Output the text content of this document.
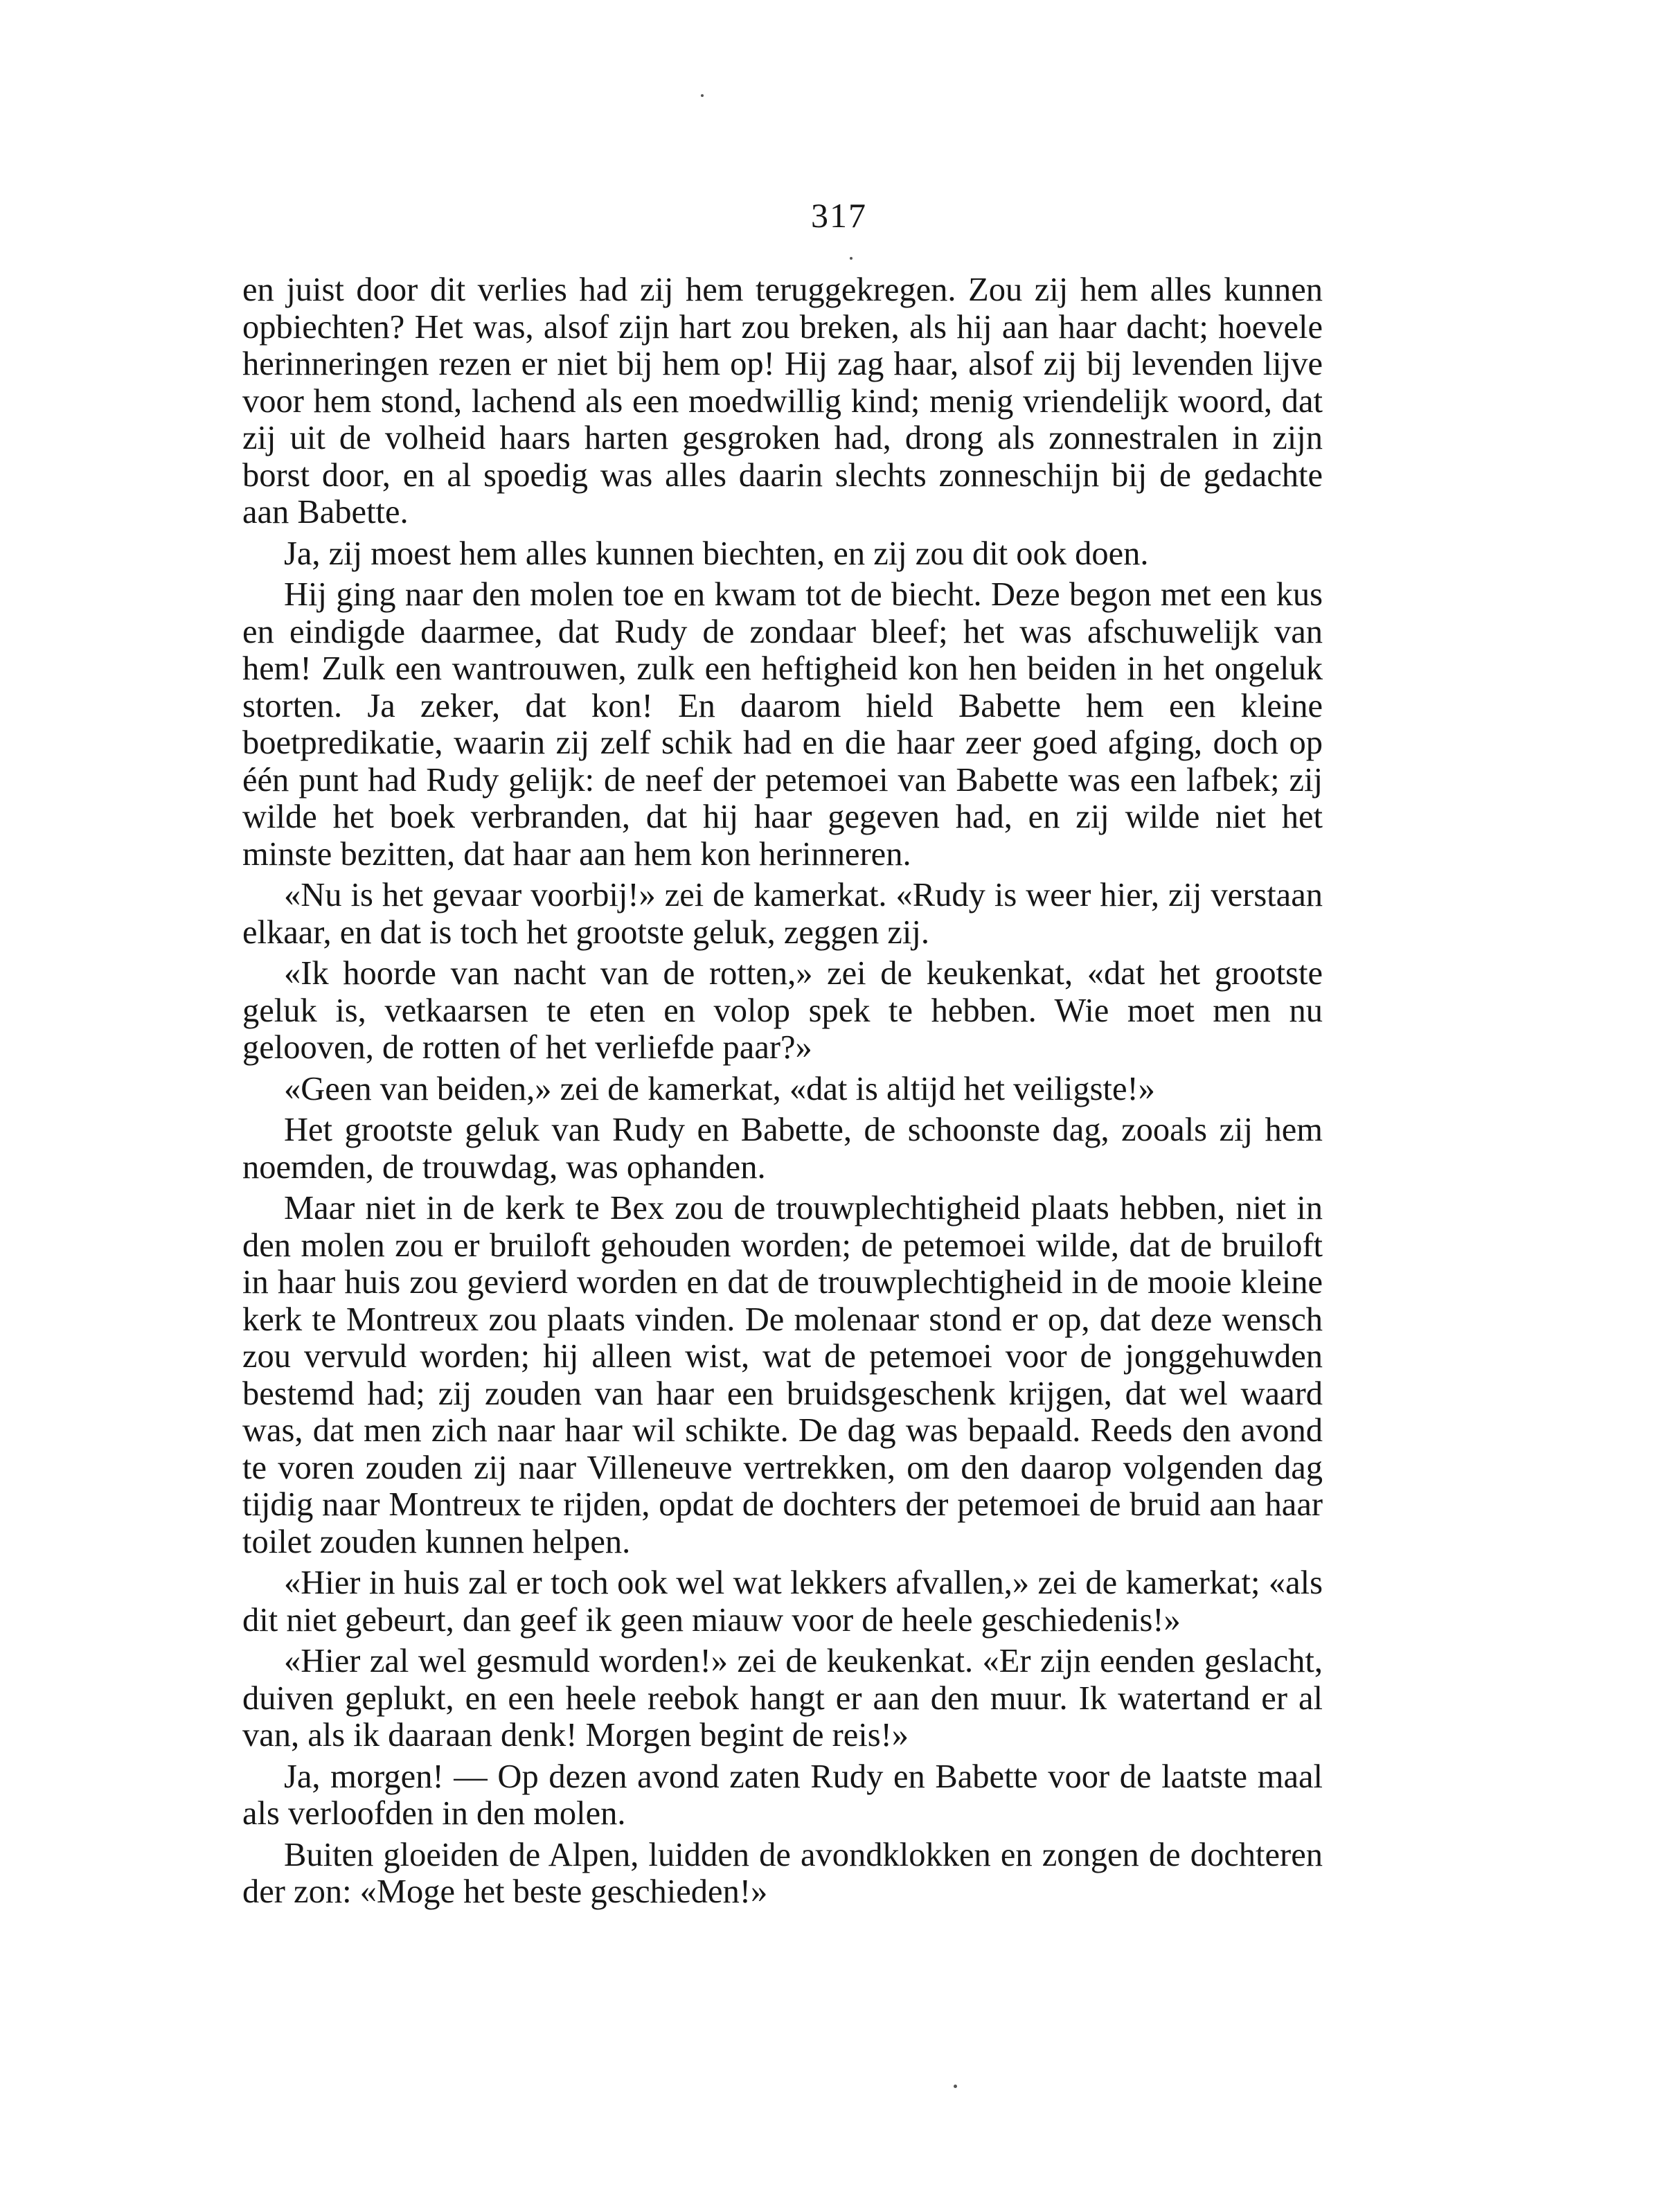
317

en juist door dit verlies had zij hem teruggekregen. Zou zij hem alles kunnen opbiechten? Het was, alsof zijn hart zou breken, als hij aan haar dacht; hoevele herinneringen rezen er niet bij hem op! Hij zag haar, alsof zij bij levenden lijve voor hem stond, lachend als een moedwillig kind; menig vriendelijk woord, dat zij uit de volheid haars harten gesgroken had, drong als zonnestralen in zijn borst door, en al spoedig was alles daarin slechts zonneschijn bij de gedachte aan Babette.

Ja, zij moest hem alles kunnen biechten, en zij zou dit ook doen.

Hij ging naar den molen toe en kwam tot de biecht. Deze begon met een kus en eindigde daarmee, dat Rudy de zondaar bleef; het was afschuwelijk van hem! Zulk een wantrouwen, zulk een heftigheid kon hen beiden in het ongeluk storten. Ja zeker, dat kon! En daarom hield Babette hem een kleine boetpredikatie, waarin zij zelf schik had en die haar zeer goed afging, doch op één punt had Rudy gelijk: de neef der petemoei van Babette was een lafbek; zij wilde het boek verbranden, dat hij haar gegeven had, en zij wilde niet het minste bezitten, dat haar aan hem kon herinneren.

«Nu is het gevaar voorbij!» zei de kamerkat. «Rudy is weer hier, zij verstaan elkaar, en dat is toch het grootste geluk, zeggen zij.

«Ik hoorde van nacht van de rotten,» zei de keukenkat, «dat het grootste geluk is, vetkaarsen te eten en volop spek te hebben. Wie moet men nu gelooven, de rotten of het verliefde paar?»

«Geen van beiden,» zei de kamerkat, «dat is altijd het veiligste!»

Het grootste geluk van Rudy en Babette, de schoonste dag, zooals zij hem noemden, de trouwdag, was ophanden.

Maar niet in de kerk te Bex zou de trouwplechtigheid plaats hebben, niet in den molen zou er bruiloft gehouden worden; de petemoei wilde, dat de bruiloft in haar huis zou gevierd worden en dat de trouwplechtigheid in de mooie kleine kerk te Montreux zou plaats vinden. De molenaar stond er op, dat deze wensch zou vervuld worden; hij alleen wist, wat de petemoei voor de jonggehuwden bestemd had; zij zouden van haar een bruidsgeschenk krijgen, dat wel waard was, dat men zich naar haar wil schikte. De dag was bepaald. Reeds den avond te voren zouden zij naar Villeneuve vertrekken, om den daarop volgenden dag tijdig naar Montreux te rijden, opdat de dochters der petemoei de bruid aan haar toilet zouden kunnen helpen.

«Hier in huis zal er toch ook wel wat lekkers afvallen,» zei de kamerkat; «als dit niet gebeurt, dan geef ik geen miauw voor de heele geschiedenis!»

«Hier zal wel gesmuld worden!» zei de keukenkat. «Er zijn eenden geslacht, duiven geplukt, en een heele reebok hangt er aan den muur. Ik watertand er al van, als ik daaraan denk! Morgen begint de reis!»

Ja, morgen! — Op dezen avond zaten Rudy en Babette voor de laatste maal als verloofden in den molen.

Buiten gloeiden de Alpen, luidden de avondklokken en zongen de dochteren der zon: «Moge het beste geschieden!»
